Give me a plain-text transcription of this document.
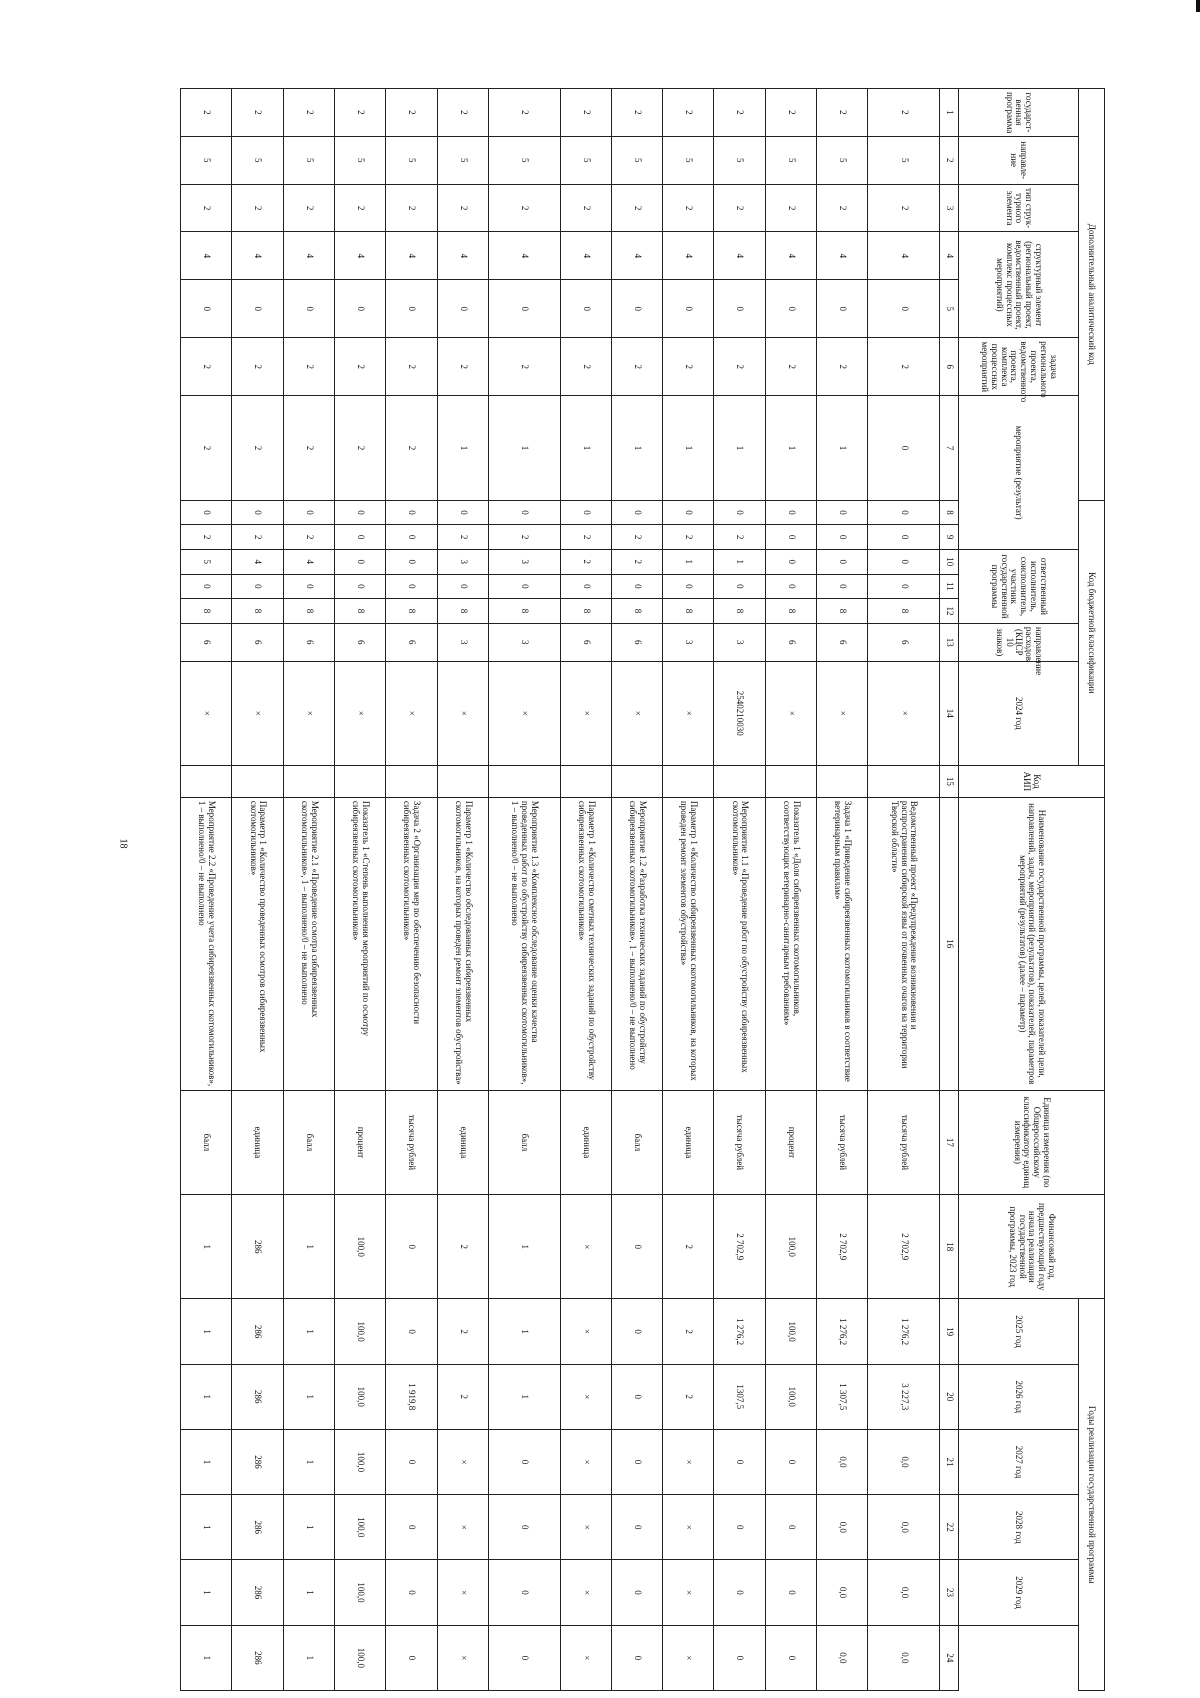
18
Дополнительный аналитический код							Код бюджетной классификации							Код АИП	Наименование государственной программы, целей, показателей цели, направлений, задач, мероприятий (результатов), показателей, параметров мероприятий (результатов) (далее – параметр)	Единица измерения (по Общероссийскому классификатору единиц измерения)	Финансовый год, предшествующий году начала реализации государственной программы, 2023 год	Годы реализации государственной программы					
государст-венная программа	направле-ние	тип струк-турного элемента	структурный элемент (региональный проект, ведомственный проект, комплекс процессных мероприятий)		задача регионального проекта, ведомственного проекта, комплекса процессных мероприятий	мероприятие (результат)			ответственный исполнитель, соисполнитель, участник государственной программы			направление расходов (КЦСР 10 знаков)	2024 год					2025 год	2026 год	2027 год	2028 год	2029 год	

1	2	3	4	5	6	7	8	9	10	11	12	13	14	15	16	17	18	19	20	21	22	23	24
2	5	2	4	0	2	0	0	0	0	0	8	6	×		Ведомственный проект «Предупреждение возникновения и распространения сибирской язвы от почвенных очагов на территории Тверской области»	тысяча рублей	2 702,9	1 276,2	3 227,3	0,0	0,0	0,0	0,0
2	5	2	4	0	2	1	0	0	0	0	8	6	×		Задача 1 «Приведение сибиреязвенных скотомогильников в соответствие ветеринарным правилам»	тысяча рублей	2 702,9	1 276,2	1 307,5	0,0	0,0	0,0	0,0
2	5	2	4	0	2	1	0	0	0	0	8	6	×		Показатель 1 «Доля сибиреязвенных скотомогильников, соответствующих ветеринарно-санитарным требованиям»	процент	100,0	100,0	100,0	0	0	0	0
2	5	2	4	0	2	1	0	2	1	0	8	3	2540210030		Мероприятие 1.1 «Проведение работ по обустройству сибиреязвенных скотомогильников»	тысяча рублей	2 702,9	1 276,2	1307,5	0	0	0	0
2	5	2	4	0	2	1	0	2	1	0	8	3	×		Параметр 1 «Количество сибиреязвенных скотомогильников, на которых проведен ремонт элементов обустройства»	единица	2	2	2	×	×	×	×
2	5	2	4	0	2	1	0	2	2	0	8	6	×		Мероприятие 1.2 «Разработка технических заданий по обустройству сибиреязвенных скотомогильников», 1 – выполнено/0 – не выполнено	балл	0	0	0	0	0	0	0
2	5	2	4	0	2	1	0	2	2	0	8	6	×		Параметр 1 «Количество сметных технических заданий по обустройству сибиреязвенных скотомогильников»	единица	×	×	×	×	×	×	×
2	5	2	4	0	2	1	0	2	3	0	8	3	×		Мероприятие 1.3 «Комплексное обследование оценки качества проведенных работ по обустройству сибиреязвенных скотомогильников», 1 – выполнено/0 – не выполнено	балл	1	1	1	0	0	0	0
2	5	2	4	0	2	1	0	2	3	0	8	3	×		Параметр 1 «Количество обследованных сибиреязвенных скотомогильников, на которых проведен ремонт элементов обустройства»	единица	2	2	2	×	×	×	×
2	5	2	4	0	2	2	0	0	0	0	8	6	×		Задача 2 «Организация мер по обеспечению безопасности сибиреязвенных скотомогильников»	тысяча рублей	0	0	1 919,8	0	0	0	0
2	5	2	4	0	2	2	0	0	0	0	8	6	×		Показатель 1 «Степень выполнения мероприятий по осмотру сибиреязвенных скотомогильников»	процент	100,0	100,0	100,0	100,0	100,0	100,0	100,0
2	5	2	4	0	2	2	0	2	4	0	8	6	×		Мероприятие 2.1 «Проведение осмотра сибиреязвенных скотомогильников», 1 – выполнено/0 – не выполнено	балл	1	1	1	1	1	1	1
2	5	2	4	0	2	2	0	2	4	0	8	6	×		Параметр 1 «Количество проведенных осмотров сибиреязвенных скотомогильников»	единица	286	286	286	286	286	286	286
2	5	2	4	0	2	2	0	2	5	0	8	6	×		Мероприятие 2.2 «Проведение учета сибиреязвенных скотомогильников», 1 – выполнено/0 – не выполнено	балл	1	1	1	1	1	1	1
